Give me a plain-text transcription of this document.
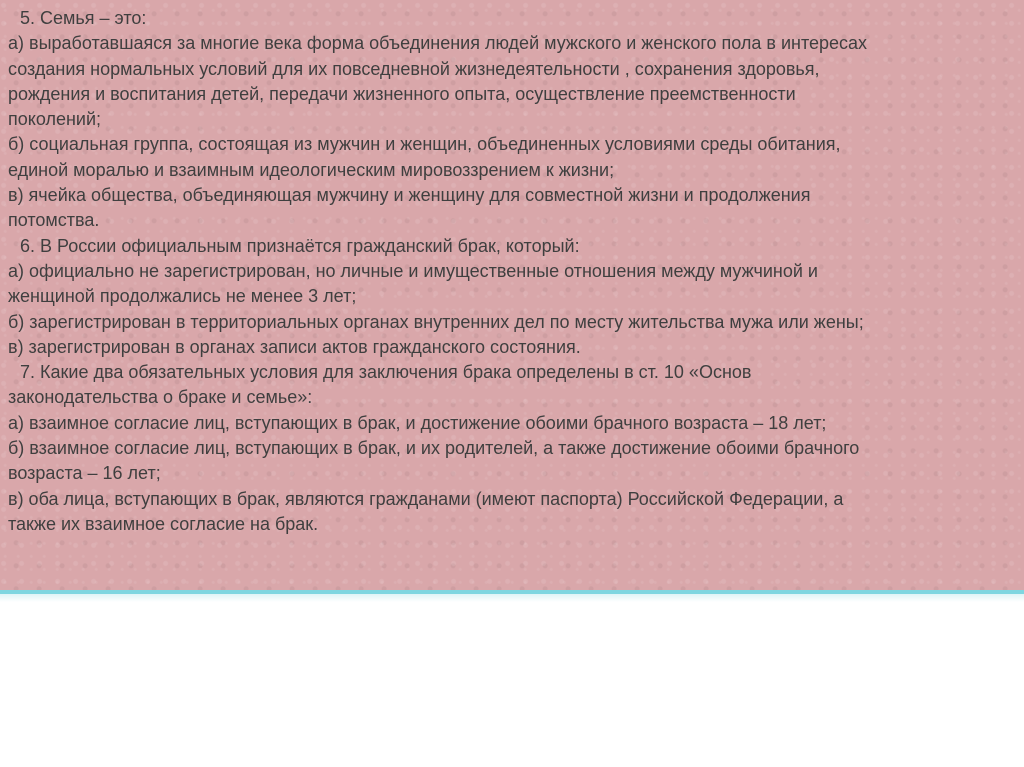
5. Семья – это:
а) выработавшаяся за многие века форма объединения людей мужского и женского пола в интересах
создания нормальных условий для их повседневной жизнедеятельности , сохранения здоровья,
рождения и воспитания детей, передачи жизненного опыта, осуществление преемственности
поколений;
б) социальная группа, состоящая из мужчин и женщин, объединенных условиями среды обитания,
единой моралью и взаимным идеологическим мировоззрением к жизни;
в) ячейка общества, объединяющая мужчину и женщину для совместной жизни и продолжения
потомства.
6. В России официальным признаётся гражданский брак, который:
а) официально не зарегистрирован, но личные и имущественные отношения между мужчиной и
женщиной продолжались не менее 3 лет;
б) зарегистрирован в территориальных органах внутренних дел по месту жительства мужа или жены;
в) зарегистрирован в органах записи актов гражданского состояния.
7. Какие два обязательных условия для заключения брака определены в ст. 10 «Основ
законодательства о браке и семье»:
а) взаимное согласие лиц, вступающих в брак, и достижение обоими брачного возраста – 18 лет;
б) взаимное согласие лиц, вступающих в брак, и их родителей, а также достижение обоими брачного
возраста – 16 лет;
в) оба лица, вступающих в брак, являются гражданами (имеют паспорта) Российской Федерации, а
также их взаимное согласие на брак.
